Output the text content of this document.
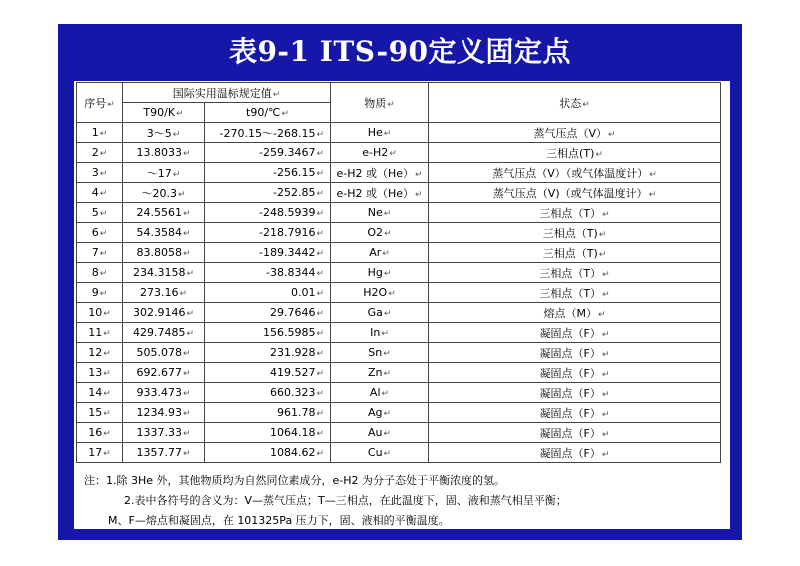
表9-1 ITS-90定义固定点
序号↵	国际实用温标规定值↵		物质↵	状态↵
	T90/K↵	t90/℃↵		
1↵	3～5↵	-270.15～-268.15↵	He↵	蒸气压点（V）↵
2↵	13.8033↵	-259.3467↵	e-H2↵	三相点(T)↵
3↵	～17↵	-256.15↵	e-H2 或（He）↵	蒸气压点（V）（或气体温度计）↵
4↵	～20.3↵	-252.85↵	e-H2 或（He）↵	蒸气压点（V)（或气体温度计）↵
5↵	24.5561↵	-248.5939↵	Ne↵	三相点（T）↵
6↵	54.3584↵	-218.7916↵	O2↵	三相点（T)↵
7↵	83.8058↵	-189.3442↵	Ar↵	三相点（T)↵
8↵	234.3158↵	-38.8344↵	Hg↵	三相点（T）↵
9↵	273.16↵	0.01↵	H2O↵	三相点（T）↵
10↵	302.9146↵	29.7646↵	Ga↵	熔点（M）↵
11↵	429.7485↵	156.5985↵	In↵	凝固点（F）↵
12↵	505.078↵	231.928↵	Sn↵	凝固点（F）↵
13↵	692.677↵	419.527↵	Zn↵	凝固点（F）↵
14↵	933.473↵	660.323↵	Al↵	凝固点（F）↵
15↵	1234.93↵	961.78↵	Ag↵	凝固点（F）↵
16↵	1337.33↵	1064.18↵	Au↵	凝固点（F）↵
17↵	1357.77↵	1084.62↵	Cu↵	凝固点（F）↵
注：1.除 3He 外，其他物质均为自然同位素成分，e-H2 为分子态处于平衡浓度的氢。
2.表中各符号的含义为：V—蒸气压点；T—三相点，在此温度下，固、液和蒸气相呈平衡；
M、F—熔点和凝固点，在 101325Pa 压力下，固、液相的平衡温度。
